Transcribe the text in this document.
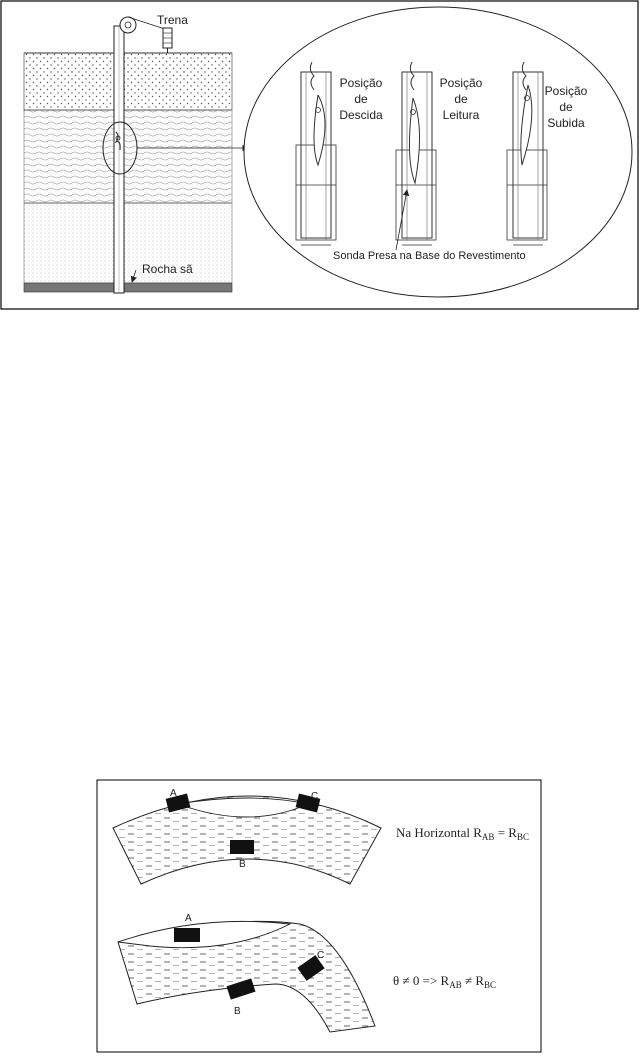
Trena
Rocha sã
Posição
de
Descida
Posição
de
Leitura
Posição
de
Subida
Sonda Presa na Base do Revestimento
A	C
B
Na Horizontal $R_{AB} = R_{BC}$
A
B
C
$\theta \ne 0 => R_{AB} \ne R_{BC}$
